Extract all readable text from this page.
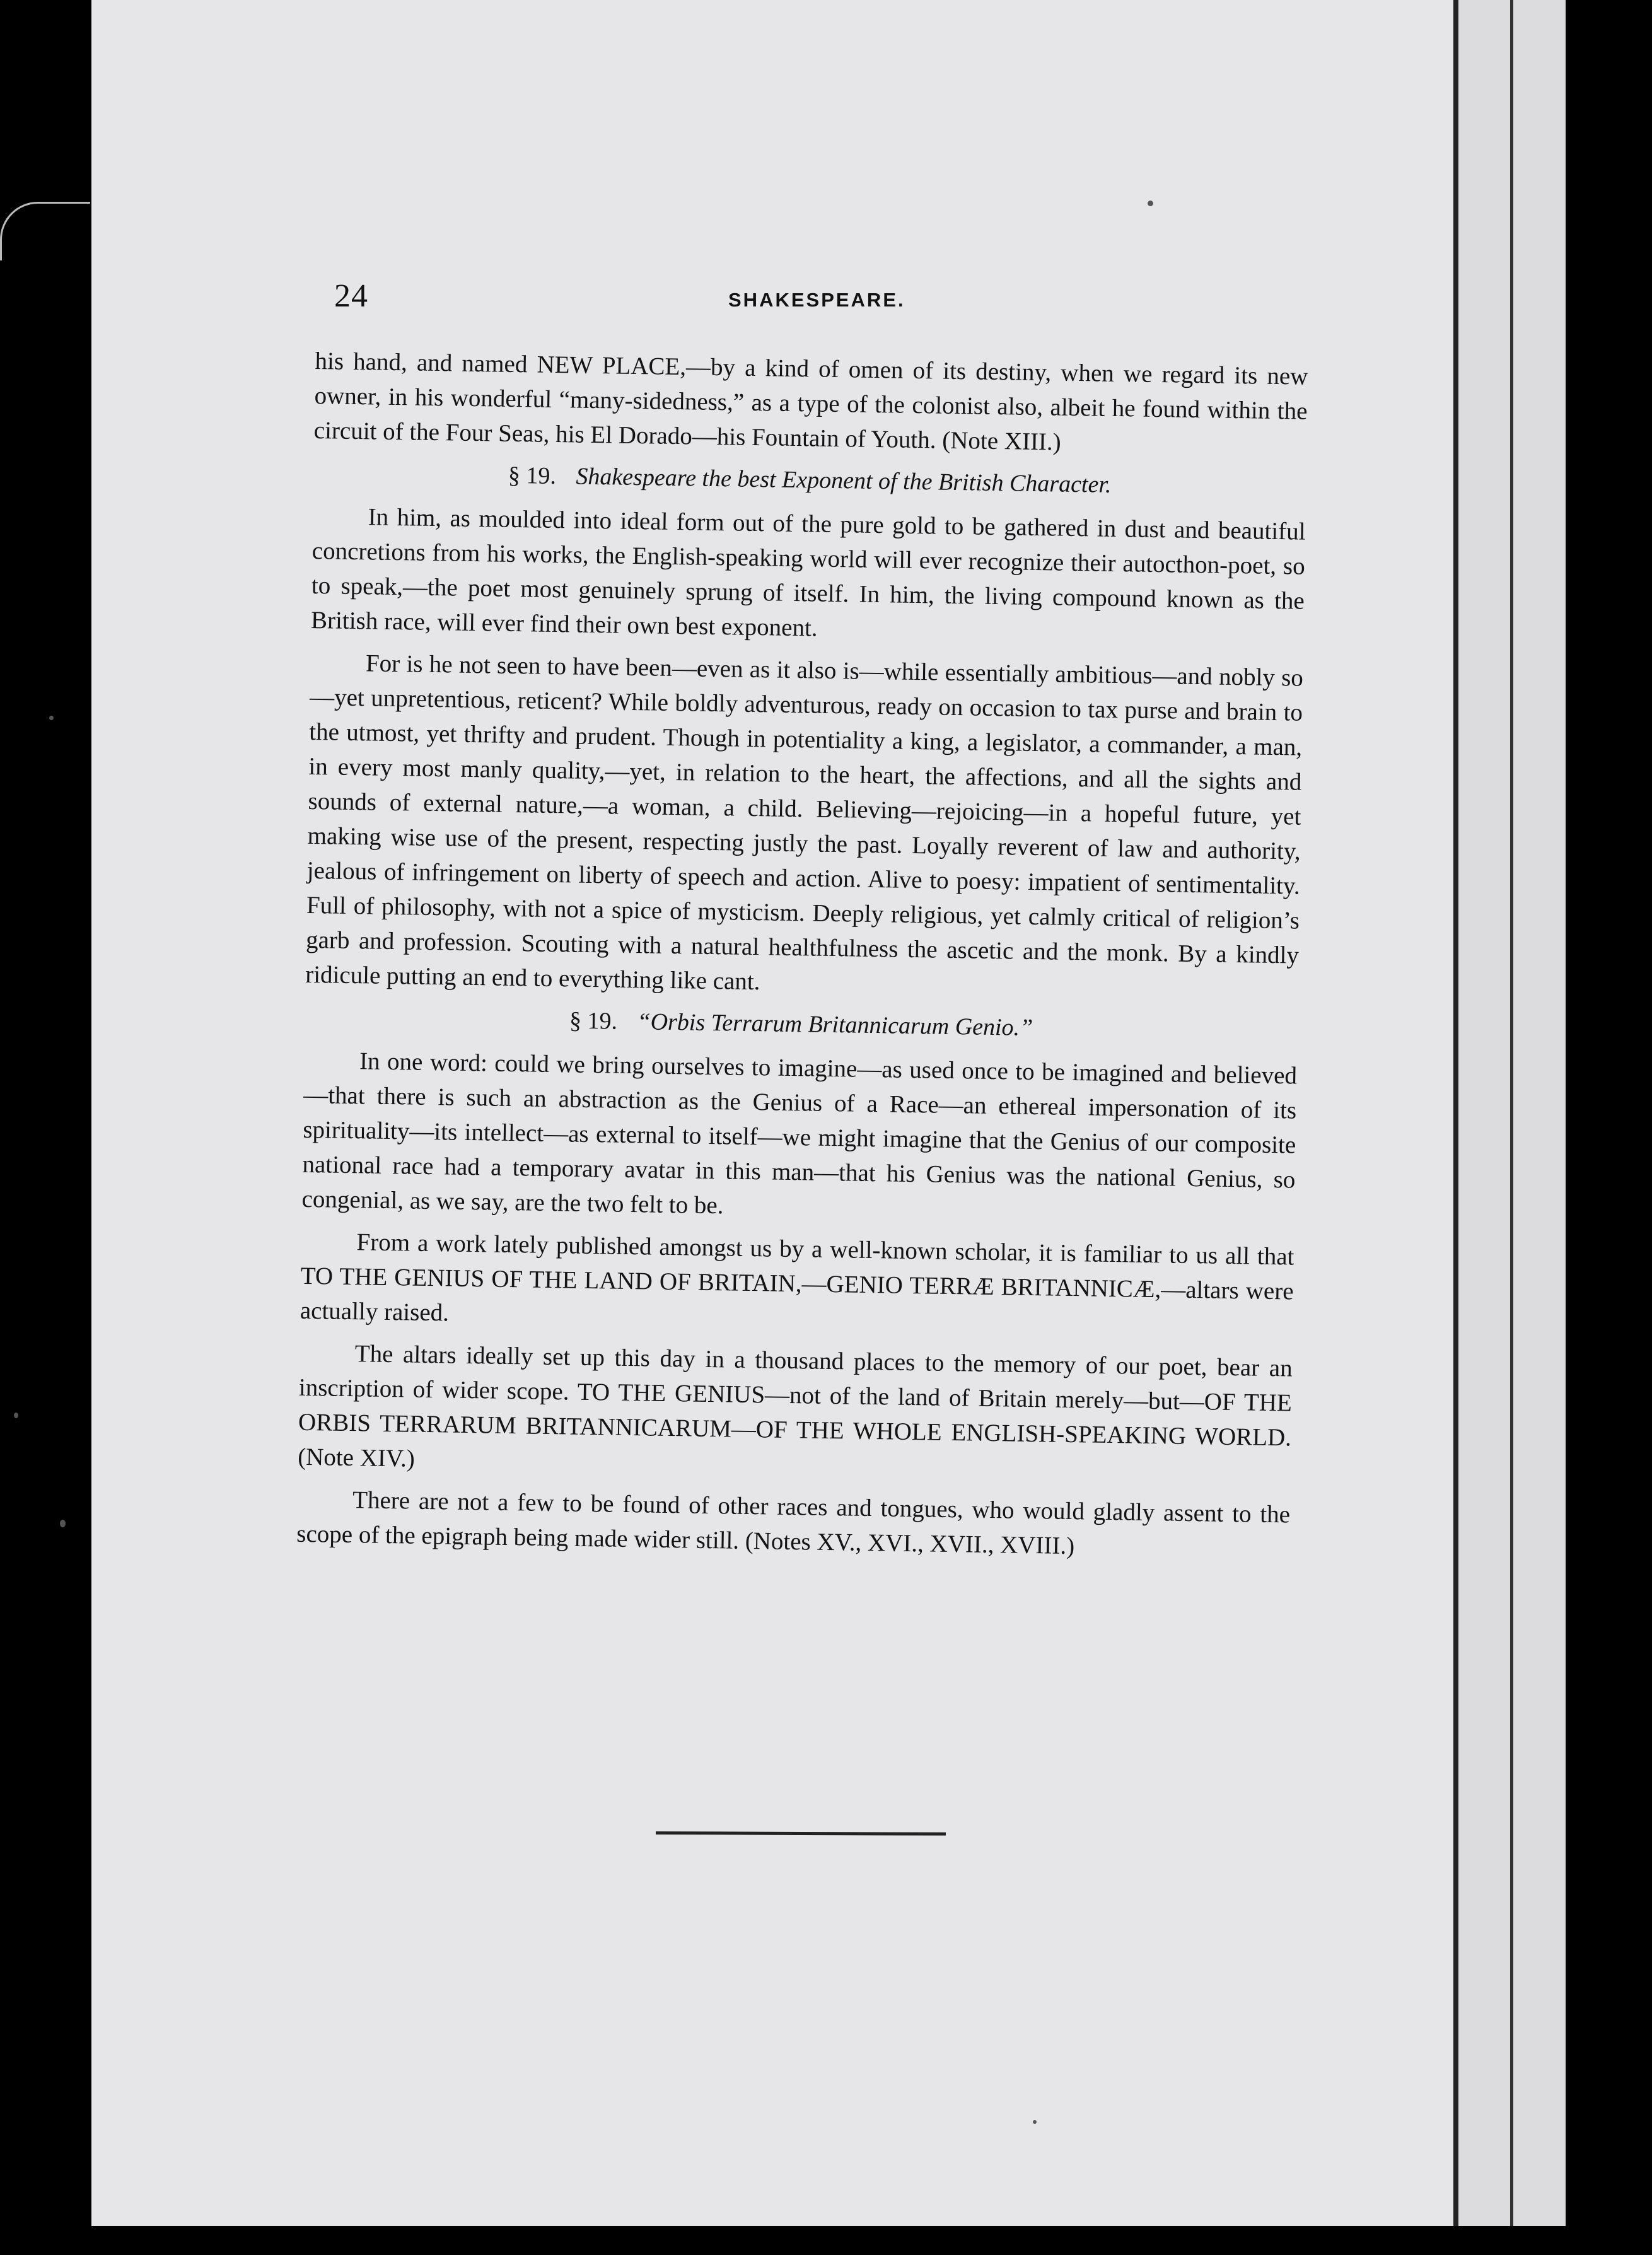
24	SHAKESPEARE.

his hand, and named NEW PLACE,—by a kind of omen of its destiny, when we regard its new owner, in his wonderful “many-sidedness,” as a type of the colonist also, albeit he found within the circuit of the Four Seas, his El Dorado—his Fountain of Youth. (Note XIII.)

§ 19. Shakespeare the best Exponent of the British Character.

In him, as moulded into ideal form out of the pure gold to be gathered in dust and beautiful concretions from his works, the English-speaking world will ever recognize their autocthon-poet, so to speak,—the poet most genuinely sprung of itself. In him, the living compound known as the British race, will ever find their own best exponent.

For is he not seen to have been—even as it also is—while essentially ambitious—and nobly so—yet unpretentious, reticent? While boldly adventurous, ready on occasion to tax purse and brain to the utmost, yet thrifty and prudent. Though in potentiality a king, a legislator, a commander, a man, in every most manly quality,—yet, in relation to the heart, the affections, and all the sights and sounds of external nature,—a woman, a child. Believing—rejoicing—in a hopeful future, yet making wise use of the present, respecting justly the past. Loyally reverent of law and authority, jealous of infringement on liberty of speech and action. Alive to poesy: impatient of sentimentality. Full of philosophy, with not a spice of mysticism. Deeply religious, yet calmly critical of religion’s garb and profession. Scouting with a natural healthfulness the ascetic and the monk. By a kindly ridicule putting an end to everything like cant.

§ 19. “Orbis Terrarum Britannicarum Genio.”

In one word: could we bring ourselves to imagine—as used once to be imagined and believed—that there is such an abstraction as the Genius of a Race—an ethereal impersonation of its spirituality—its intellect—as external to itself—we might imagine that the Genius of our composite national race had a temporary avatar in this man—that his Genius was the national Genius, so congenial, as we say, are the two felt to be.

From a work lately published amongst us by a well-known scholar, it is familiar to us all that TO THE GENIUS OF THE LAND OF BRITAIN,—GENIO TERRÆ BRITANNICÆ,—altars were actually raised.

The altars ideally set up this day in a thousand places to the memory of our poet, bear an inscription of wider scope. TO THE GENIUS—not of the land of Britain merely—but—OF THE ORBIS TERRARUM BRITANNICARUM—OF THE WHOLE ENGLISH-SPEAKING WORLD. (Note XIV.)

There are not a few to be found of other races and tongues, who would gladly assent to the scope of the epigraph being made wider still. (Notes XV., XVI., XVII., XVIII.)
